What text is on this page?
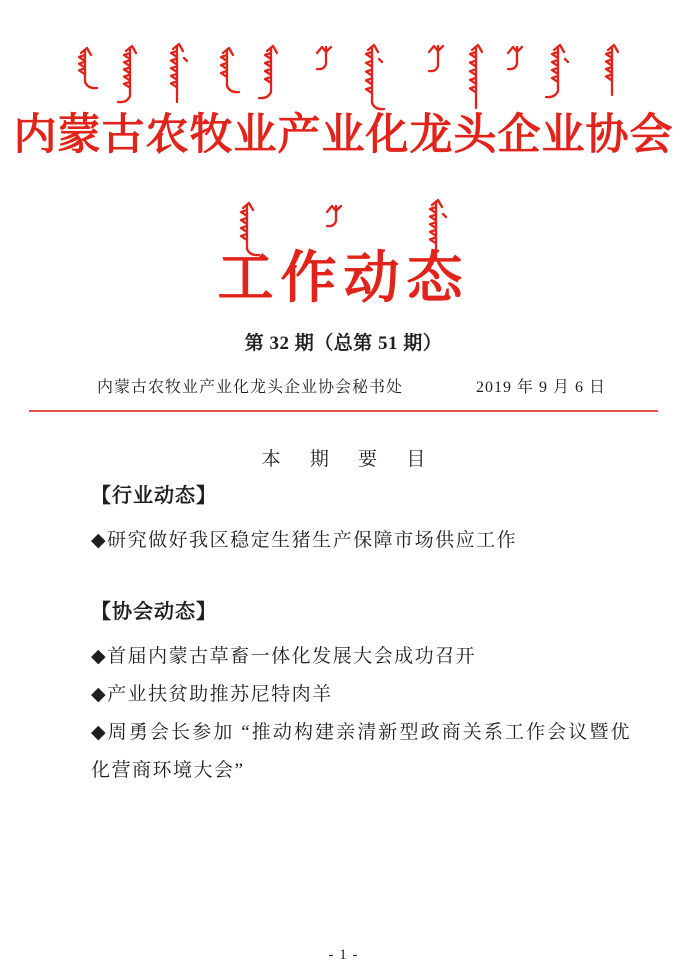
内蒙古农牧业产业化龙头企业协会
工作动态
第 32 期（总第 51 期）
内蒙古农牧业产业化龙头企业协会秘书处	2019 年 9 月 6 日
本 期 要 目
【行业动态】
◆研究做好我区稳定生猪生产保障市场供应工作
【协会动态】
◆首届内蒙古草畜一体化发展大会成功召开
◆产业扶贫助推苏尼特肉羊
◆周勇会长参加 “推动构建亲清新型政商关系工作会议暨优化营商环境大会”
- 1 -
